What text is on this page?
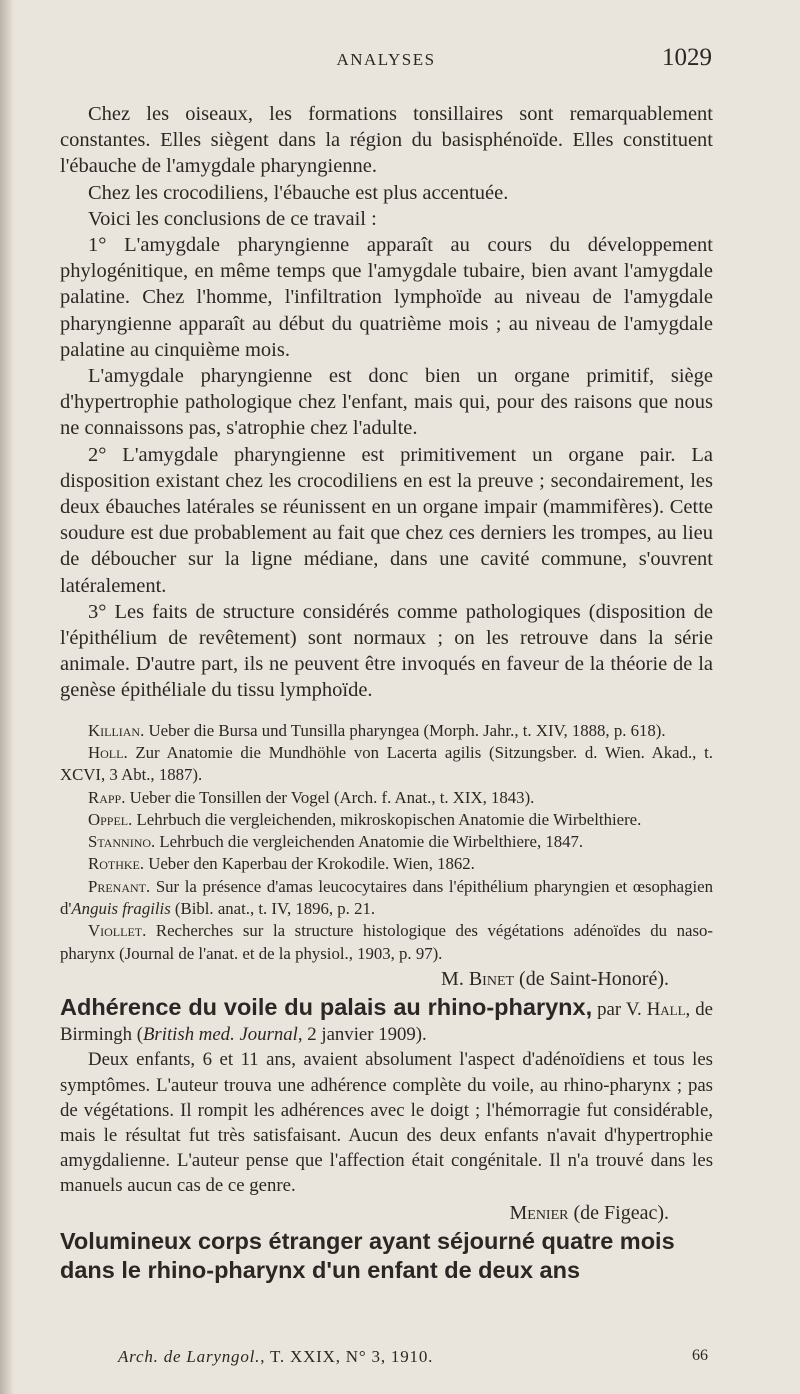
ANALYSES	1029

Chez les oiseaux, les formations tonsillaires sont remarquablement constantes. Elles siègent dans la région du basisphénoïde. Elles constituent l'ébauche de l'amygdale pharyngienne.

Chez les crocodiliens, l'ébauche est plus accentuée.

Voici les conclusions de ce travail :

1° L'amygdale pharyngienne apparaît au cours du développement phylogénitique, en même temps que l'amygdale tubaire, bien avant l'amygdale palatine. Chez l'homme, l'infiltration lymphoïde au niveau de l'amygdale pharyngienne apparaît au début du quatrième mois ; au niveau de l'amygdale palatine au cinquième mois.

L'amygdale pharyngienne est donc bien un organe primitif, siège d'hypertrophie pathologique chez l'enfant, mais qui, pour des raisons que nous ne connaissons pas, s'atrophie chez l'adulte.

2° L'amygdale pharyngienne est primitivement un organe pair. La disposition existant chez les crocodiliens en est la preuve ; secondairement, les deux ébauches latérales se réunissent en un organe impair (mammifères). Cette soudure est due probablement au fait que chez ces derniers les trompes, au lieu de déboucher sur la ligne médiane, dans une cavité commune, s'ouvrent latéralement.

3° Les faits de structure considérés comme pathologiques (disposition de l'épithélium de revêtement) sont normaux ; on les retrouve dans la série animale. D'autre part, ils ne peuvent être invoqués en faveur de la théorie de la genèse épithéliale du tissu lymphoïde.

Killian. Ueber die Bursa und Tunsilla pharyngea (Morph. Jahr., t. XIV, 1888, p. 618).

Holl. Zur Anatomie die Mundhöhle von Lacerta agilis (Sitzungsber. d. Wien. Akad., t. XCVI, 3 Abt., 1887).

Rapp. Ueber die Tonsillen der Vogel (Arch. f. Anat., t. XIX, 1843).

Oppel. Lehrbuch die vergleichenden, mikroskopischen Anatomie die Wirbelthiere.

Stannino. Lehrbuch die vergleichenden Anatomie die Wirbelthiere, 1847.

Rothke. Ueber den Kaperbau der Krokodile. Wien, 1862.

Prenant. Sur la présence d'amas leucocytaires dans l'épithélium pharyngien et œsophagien d'Anguis fragilis (Bibl. anat., t. IV, 1896, p. 21.

Viollet. Recherches sur la structure histologique des végétations adénoïdes du naso-pharynx (Journal de l'anat. et de la physiol., 1903, p. 97).

M. Binet (de Saint-Honoré).

Adhérence du voile du palais au rhino-pharynx, par V. Hall, de Birmingh (British med. Journal, 2 janvier 1909).

Deux enfants, 6 et 11 ans, avaient absolument l'aspect d'adénoïdiens et tous les symptômes. L'auteur trouva une adhérence complète du voile, au rhino-pharynx ; pas de végétations. Il rompit les adhérences avec le doigt ; l'hémorragie fut considérable, mais le résultat fut très satisfaisant. Aucun des deux enfants n'avait d'hypertrophie amygdalienne. L'auteur pense que l'affection était congénitale. Il n'a trouvé dans les manuels aucun cas de ce genre.

Menier (de Figeac).
Volumineux corps étranger ayant séjourné quatre mois dans le rhino-pharynx d'un enfant de deux ans
Arch. de Laryngol., T. XXIX, N° 3, 1910.	66
